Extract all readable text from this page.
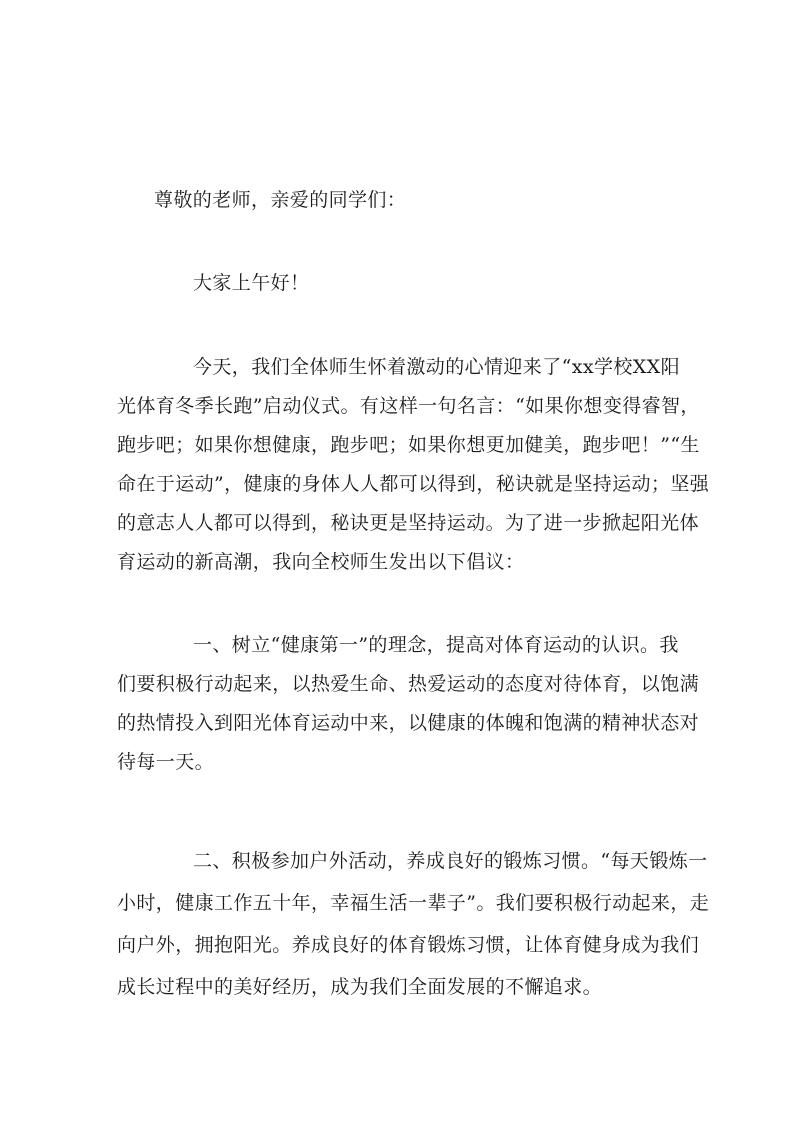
尊敬的老师，亲爱的同学们：
大家上午好！
今天，我们全体师生怀着激动的心情迎来了“xx学校XX阳
光体育冬季长跑”启动仪式。有这样一句名言：“如果你想变得睿智，
跑步吧；如果你想健康，跑步吧；如果你想更加健美，跑步吧！”“生
命在于运动”，健康的身体人人都可以得到，秘诀就是坚持运动；坚强
的意志人人都可以得到，秘诀更是坚持运动。为了进一步掀起阳光体
育运动的新高潮，我向全校师生发出以下倡议：
一、树立“健康第一”的理念，提高对体育运动的认识。我
们要积极行动起来，以热爱生命、热爱运动的态度对待体育，以饱满
的热情投入到阳光体育运动中来，以健康的体魄和饱满的精神状态对
待每一天。
二、积极参加户外活动，养成良好的锻炼习惯。“每天锻炼一
小时，健康工作五十年，幸福生活一辈子”。我们要积极行动起来，走
向户外，拥抱阳光。养成良好的体育锻炼习惯，让体育健身成为我们
成长过程中的美好经历，成为我们全面发展的不懈追求。
